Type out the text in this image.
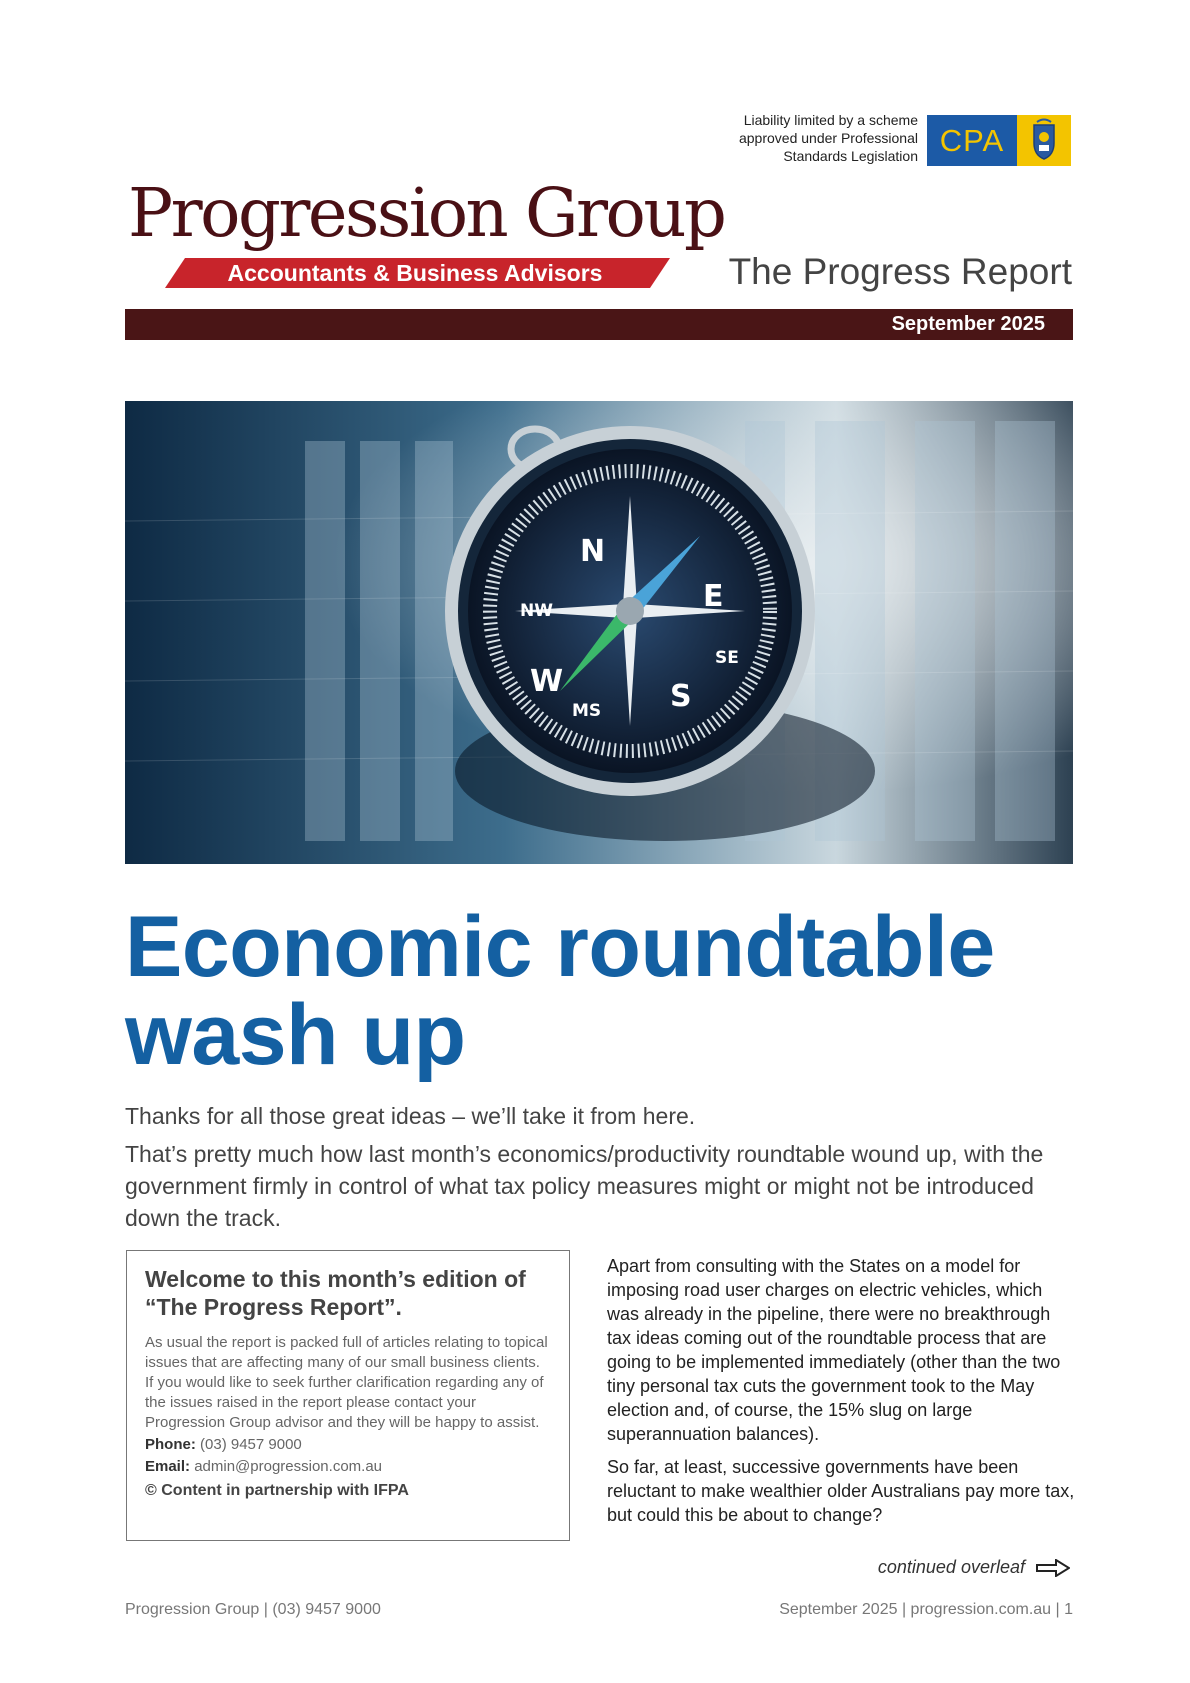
Liability limited by a scheme
approved under Professional
Standards Legislation CPA
Progression Group
Accountants & Business Advisors	The Progress Report
September 2025
N
E
S
W
NW
SE
MS
Economic roundtable
wash up
Thanks for all those great ideas – we’ll take it from here.
That’s pretty much how last month’s economics/productivity roundtable wound up, with the government firmly in control of what tax policy measures might or might not be introduced down the track.
Welcome to this month’s edition of “The Progress Report”.

As usual the report is packed full of articles relating to topical issues that are affecting many of our small business clients. If you would like to seek further clarification regarding any of the issues raised in the report please contact your Progression Group advisor and they will be happy to assist.

Phone: (03) 9457 9000

Email: admin@progression.com.au

© Content in partnership with IFPA

Apart from consulting with the States on a model for imposing road user charges on electric vehicles, which was already in the pipeline, there were no breakthrough tax ideas coming out of the roundtable process that are going to be implemented immediately (other than the two tiny personal tax cuts the government took to the May election and, of course, the 15% slug on large superannuation balances).

So far, at least, successive governments have been reluctant to make wealthier older Australians pay more tax, but could this be about to change?

continued overleaf
Progression Group | (03) 9457 9000	September 2025 | progression.com.au | 1
